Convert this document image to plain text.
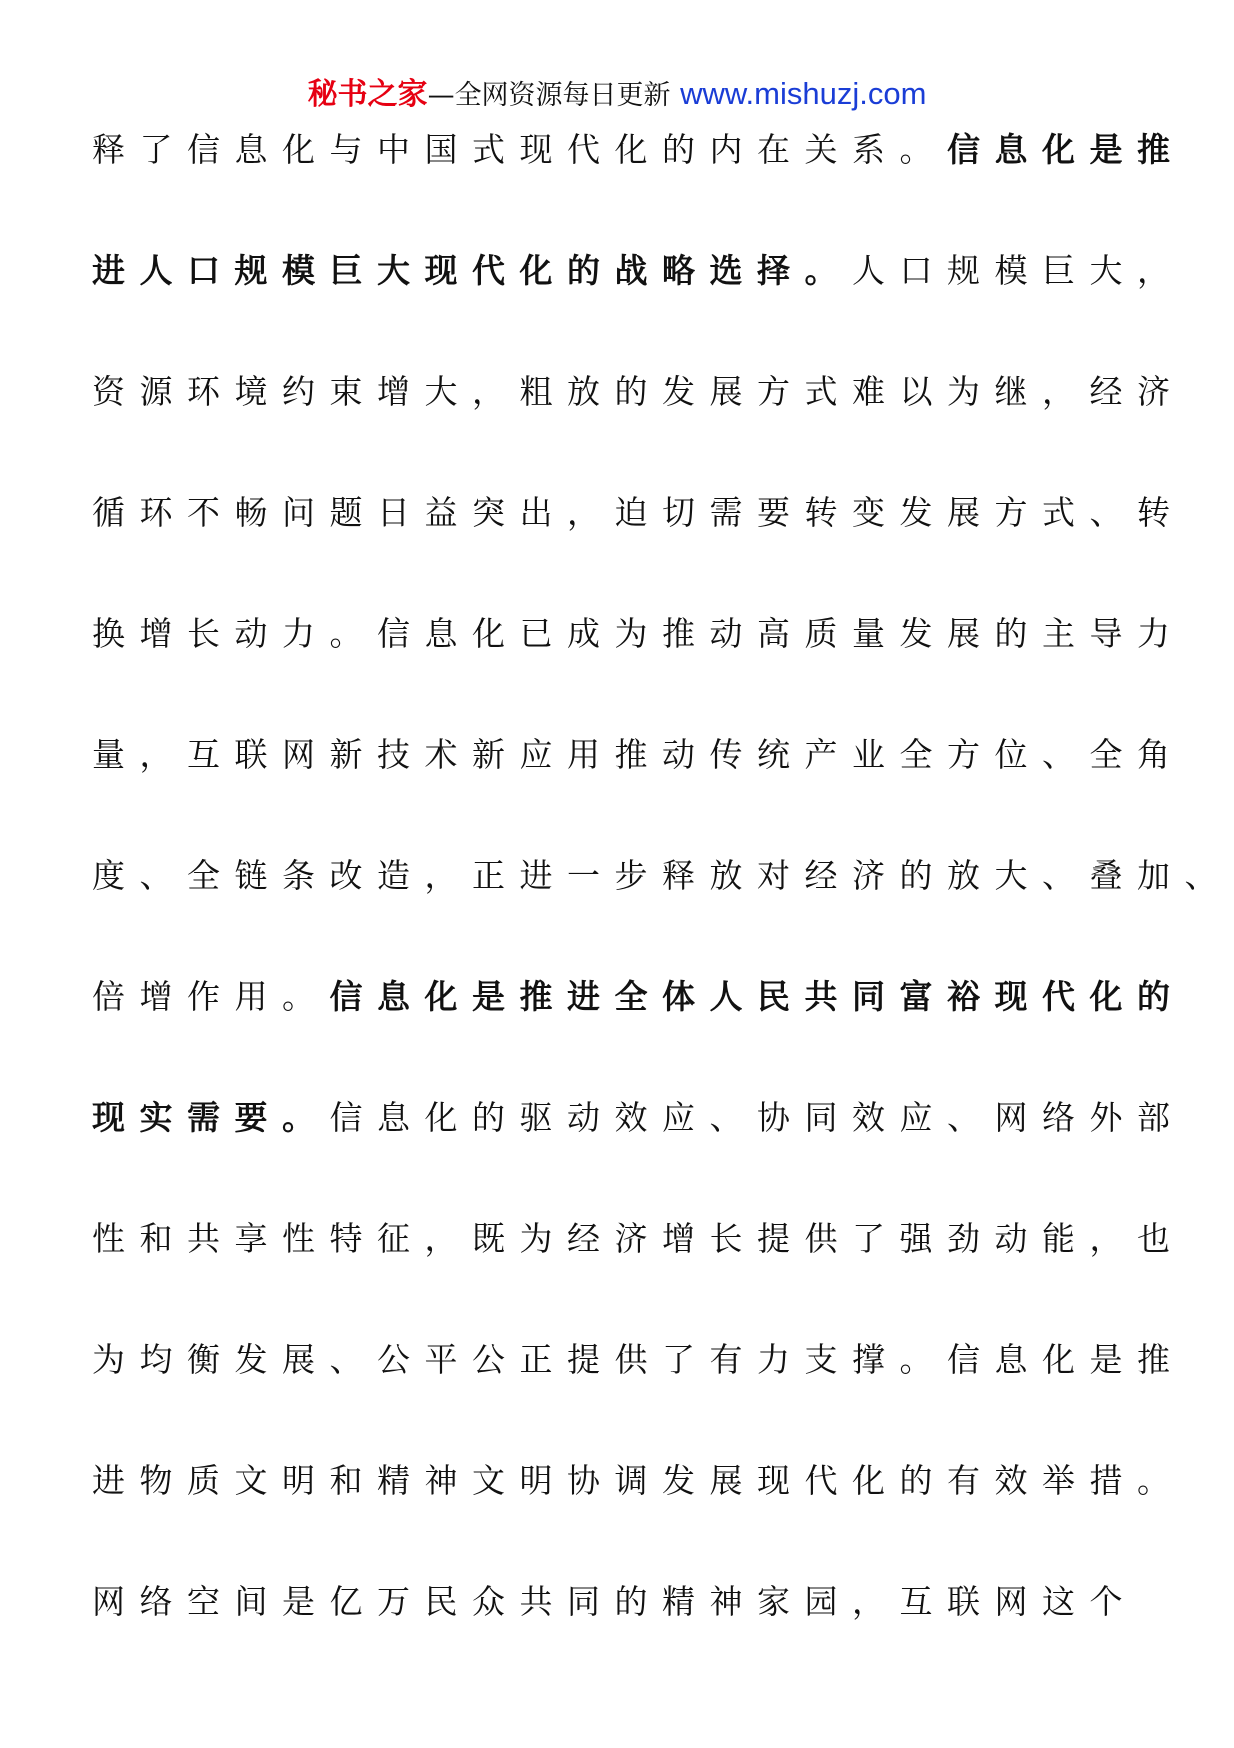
秘书之家—全网资源每日更新 www.mishuzj.com
释了信息化与中国式现代化的内在关系。信息化是推
进人口规模巨大现代化的战略选择。人口规模巨大，
资源环境约束增大，粗放的发展方式难以为继，经济
循环不畅问题日益突出，迫切需要转变发展方式、转
换增长动力。信息化已成为推动高质量发展的主导力
量，互联网新技术新应用推动传统产业全方位、全角
度、全链条改造，正进一步释放对经济的放大、叠加、
倍增作用。信息化是推进全体人民共同富裕现代化的
现实需要。信息化的驱动效应、协同效应、网络外部
性和共享性特征，既为经济增长提供了强劲动能，也
为均衡发展、公平公正提供了有力支撑。信息化是推
进物质文明和精神文明协调发展现代化的有效举措。
网络空间是亿万民众共同的精神家园，互联网这个
